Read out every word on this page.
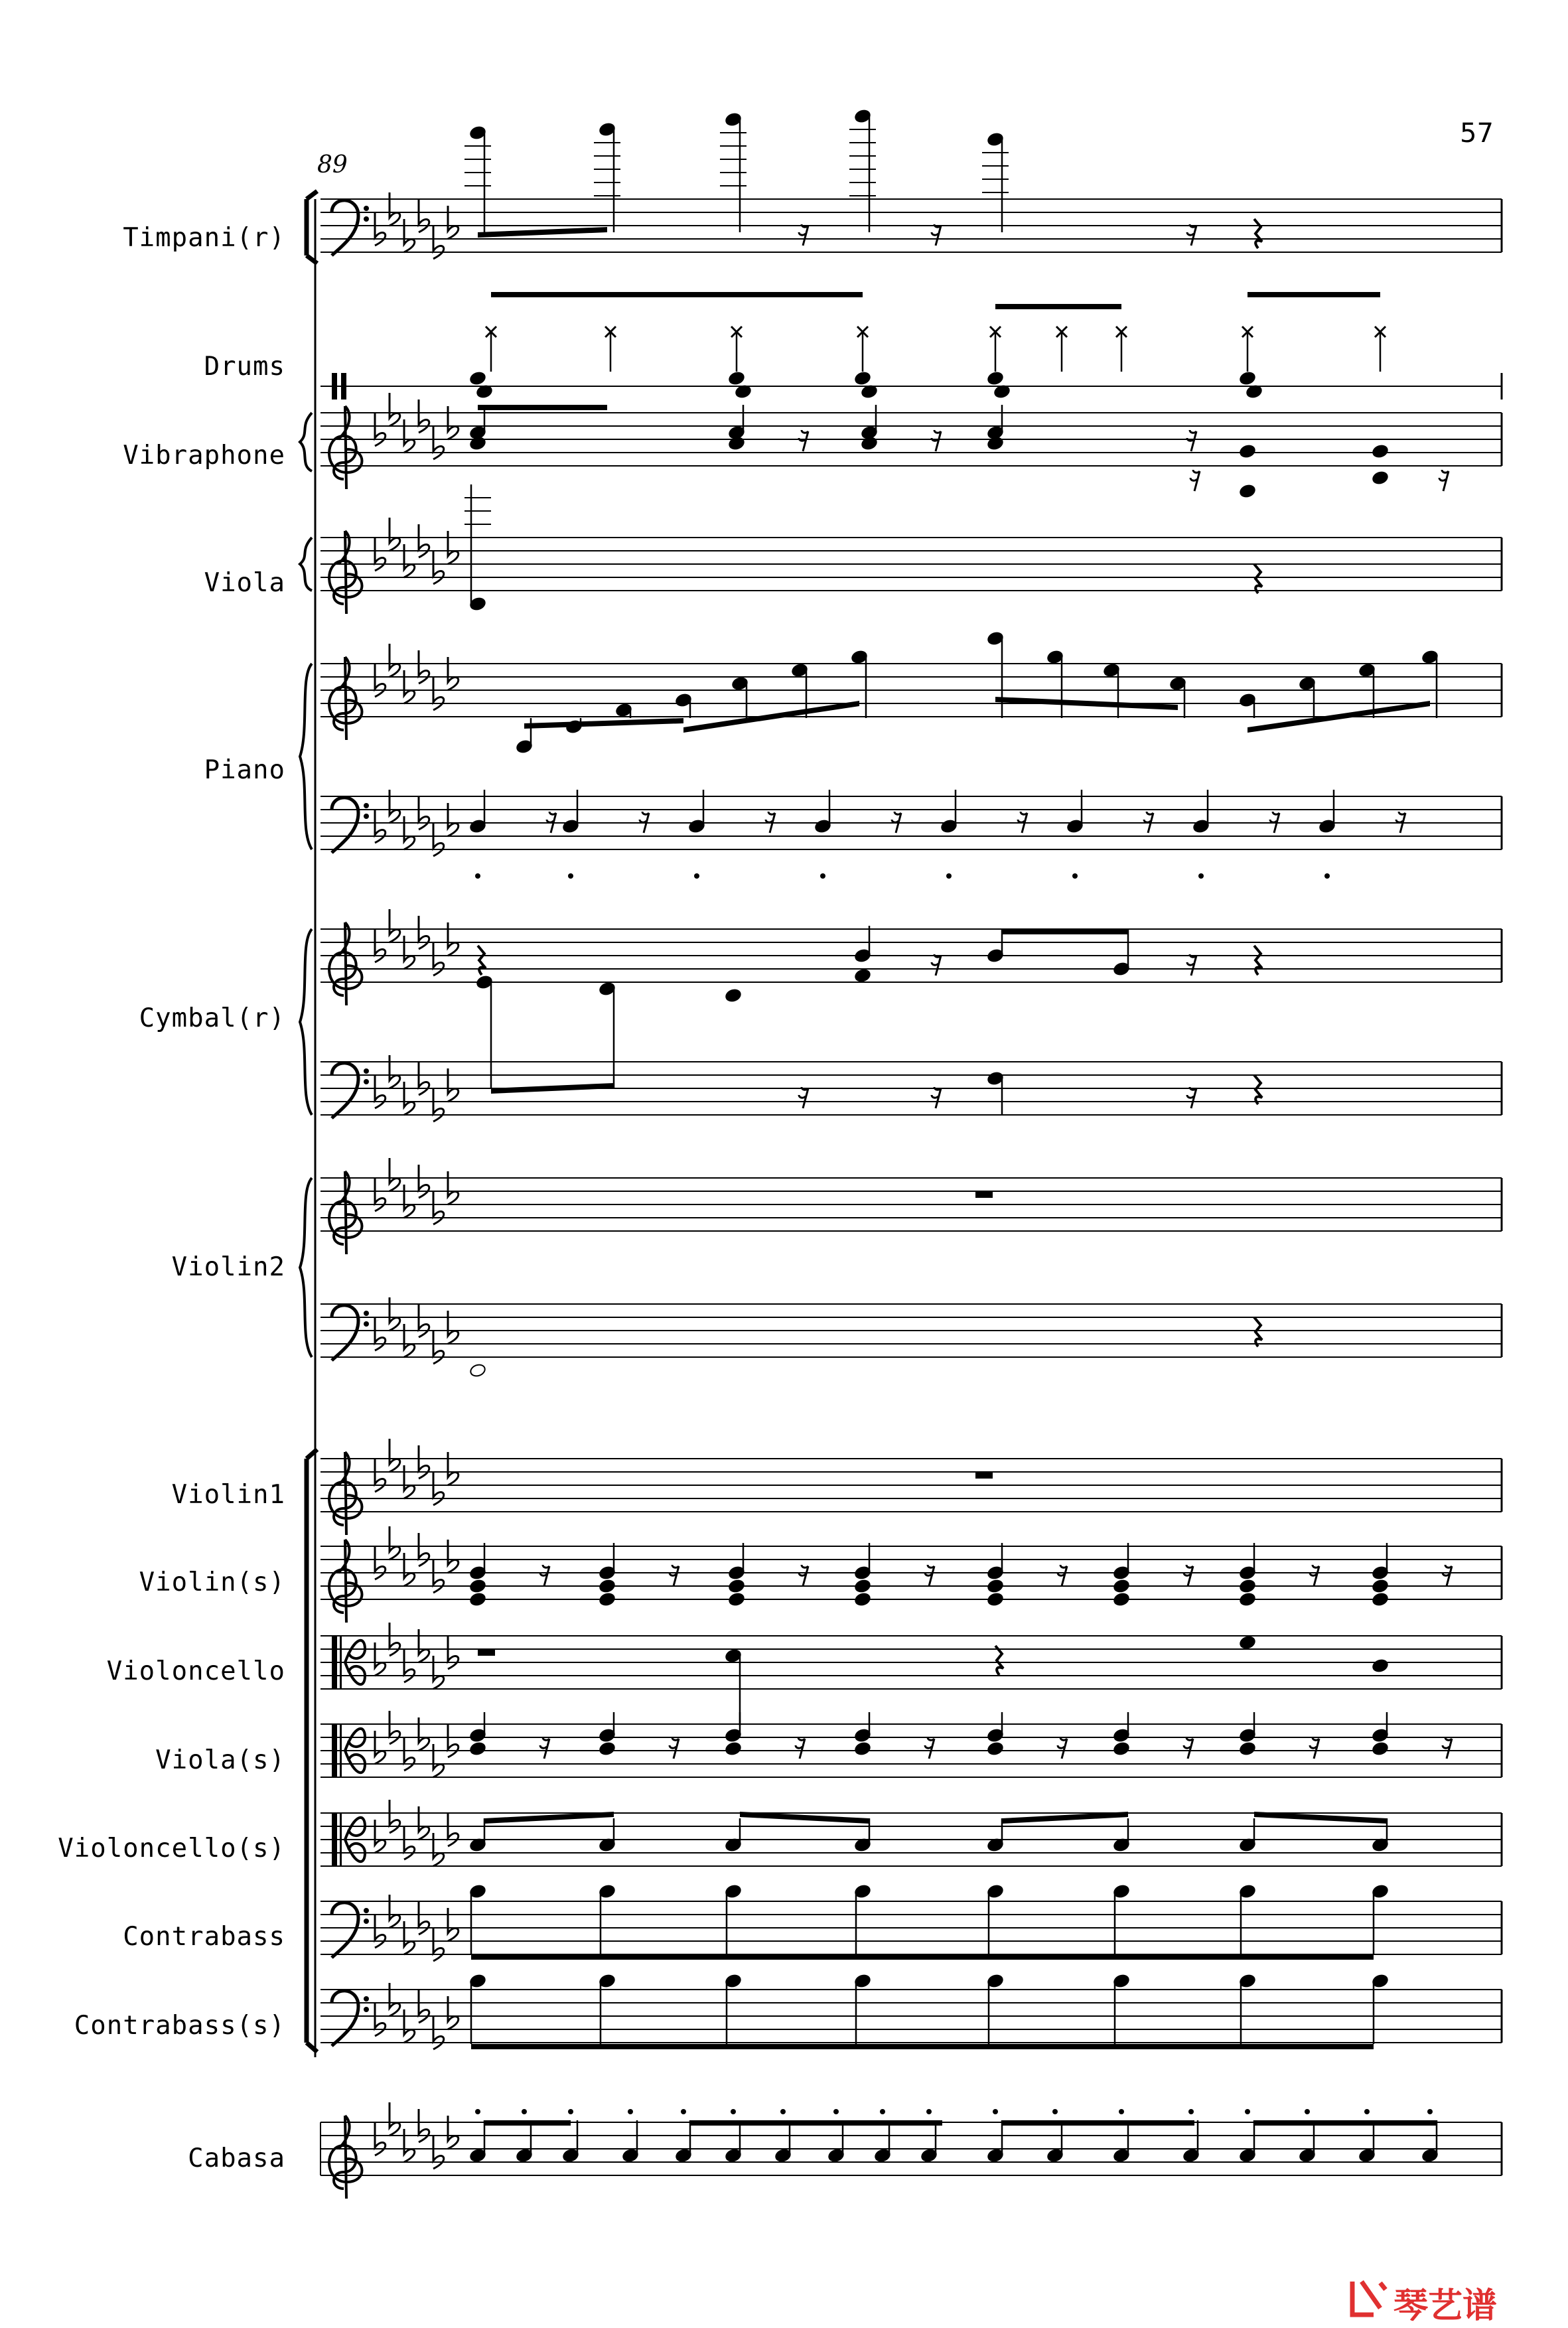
57
89
Timpani(r)
Drums
Vibraphone
Viola
Piano
Cymbal(r)
Violin2
Violin1
Violin(s)
Violoncello
Viola(s)
Violoncello(s)
Contrabass
Contrabass(s)
Cabasa
琴艺谱
